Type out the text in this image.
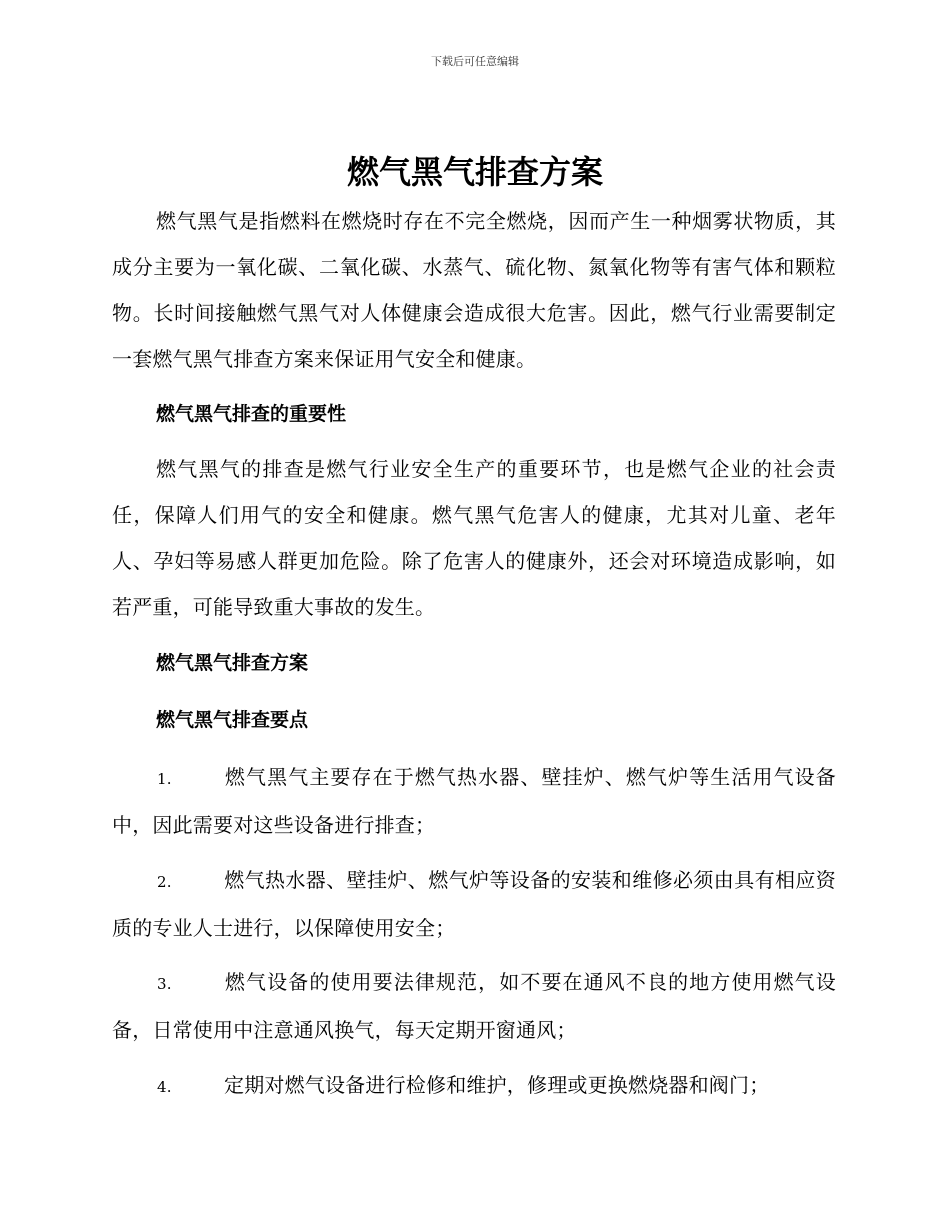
下载后可任意编辑
燃气黑气排查方案

燃气黑气是指燃料在燃烧时存在不完全燃烧，因而产生一种烟雾状物质，其成分主要为一氧化碳、二氧化碳、水蒸气、硫化物、氮氧化物等有害气体和颗粒物。长时间接触燃气黑气对人体健康会造成很大危害。因此，燃气行业需要制定一套燃气黑气排查方案来保证用气安全和健康。

燃气黑气排查的重要性

燃气黑气的排查是燃气行业安全生产的重要环节，也是燃气企业的社会责任，保障人们用气的安全和健康。燃气黑气危害人的健康，尤其对儿童、老年人、孕妇等易感人群更加危险。除了危害人的健康外，还会对环境造成影响，如若严重，可能导致重大事故的发生。

燃气黑气排查方案
燃气黑气排查要点

1.	燃气黑气主要存在于燃气热水器、壁挂炉、燃气炉等生活用气设备中，因此需要对这些设备进行排查；

2.	燃气热水器、壁挂炉、燃气炉等设备的安装和维修必须由具有相应资质的专业人士进行，以保障使用安全；

3.	燃气设备的使用要法律规范，如不要在通风不良的地方使用燃气设备，日常使用中注意通风换气，每天定期开窗通风；

4.	定期对燃气设备进行检修和维护，修理或更换燃烧器和阀门；
